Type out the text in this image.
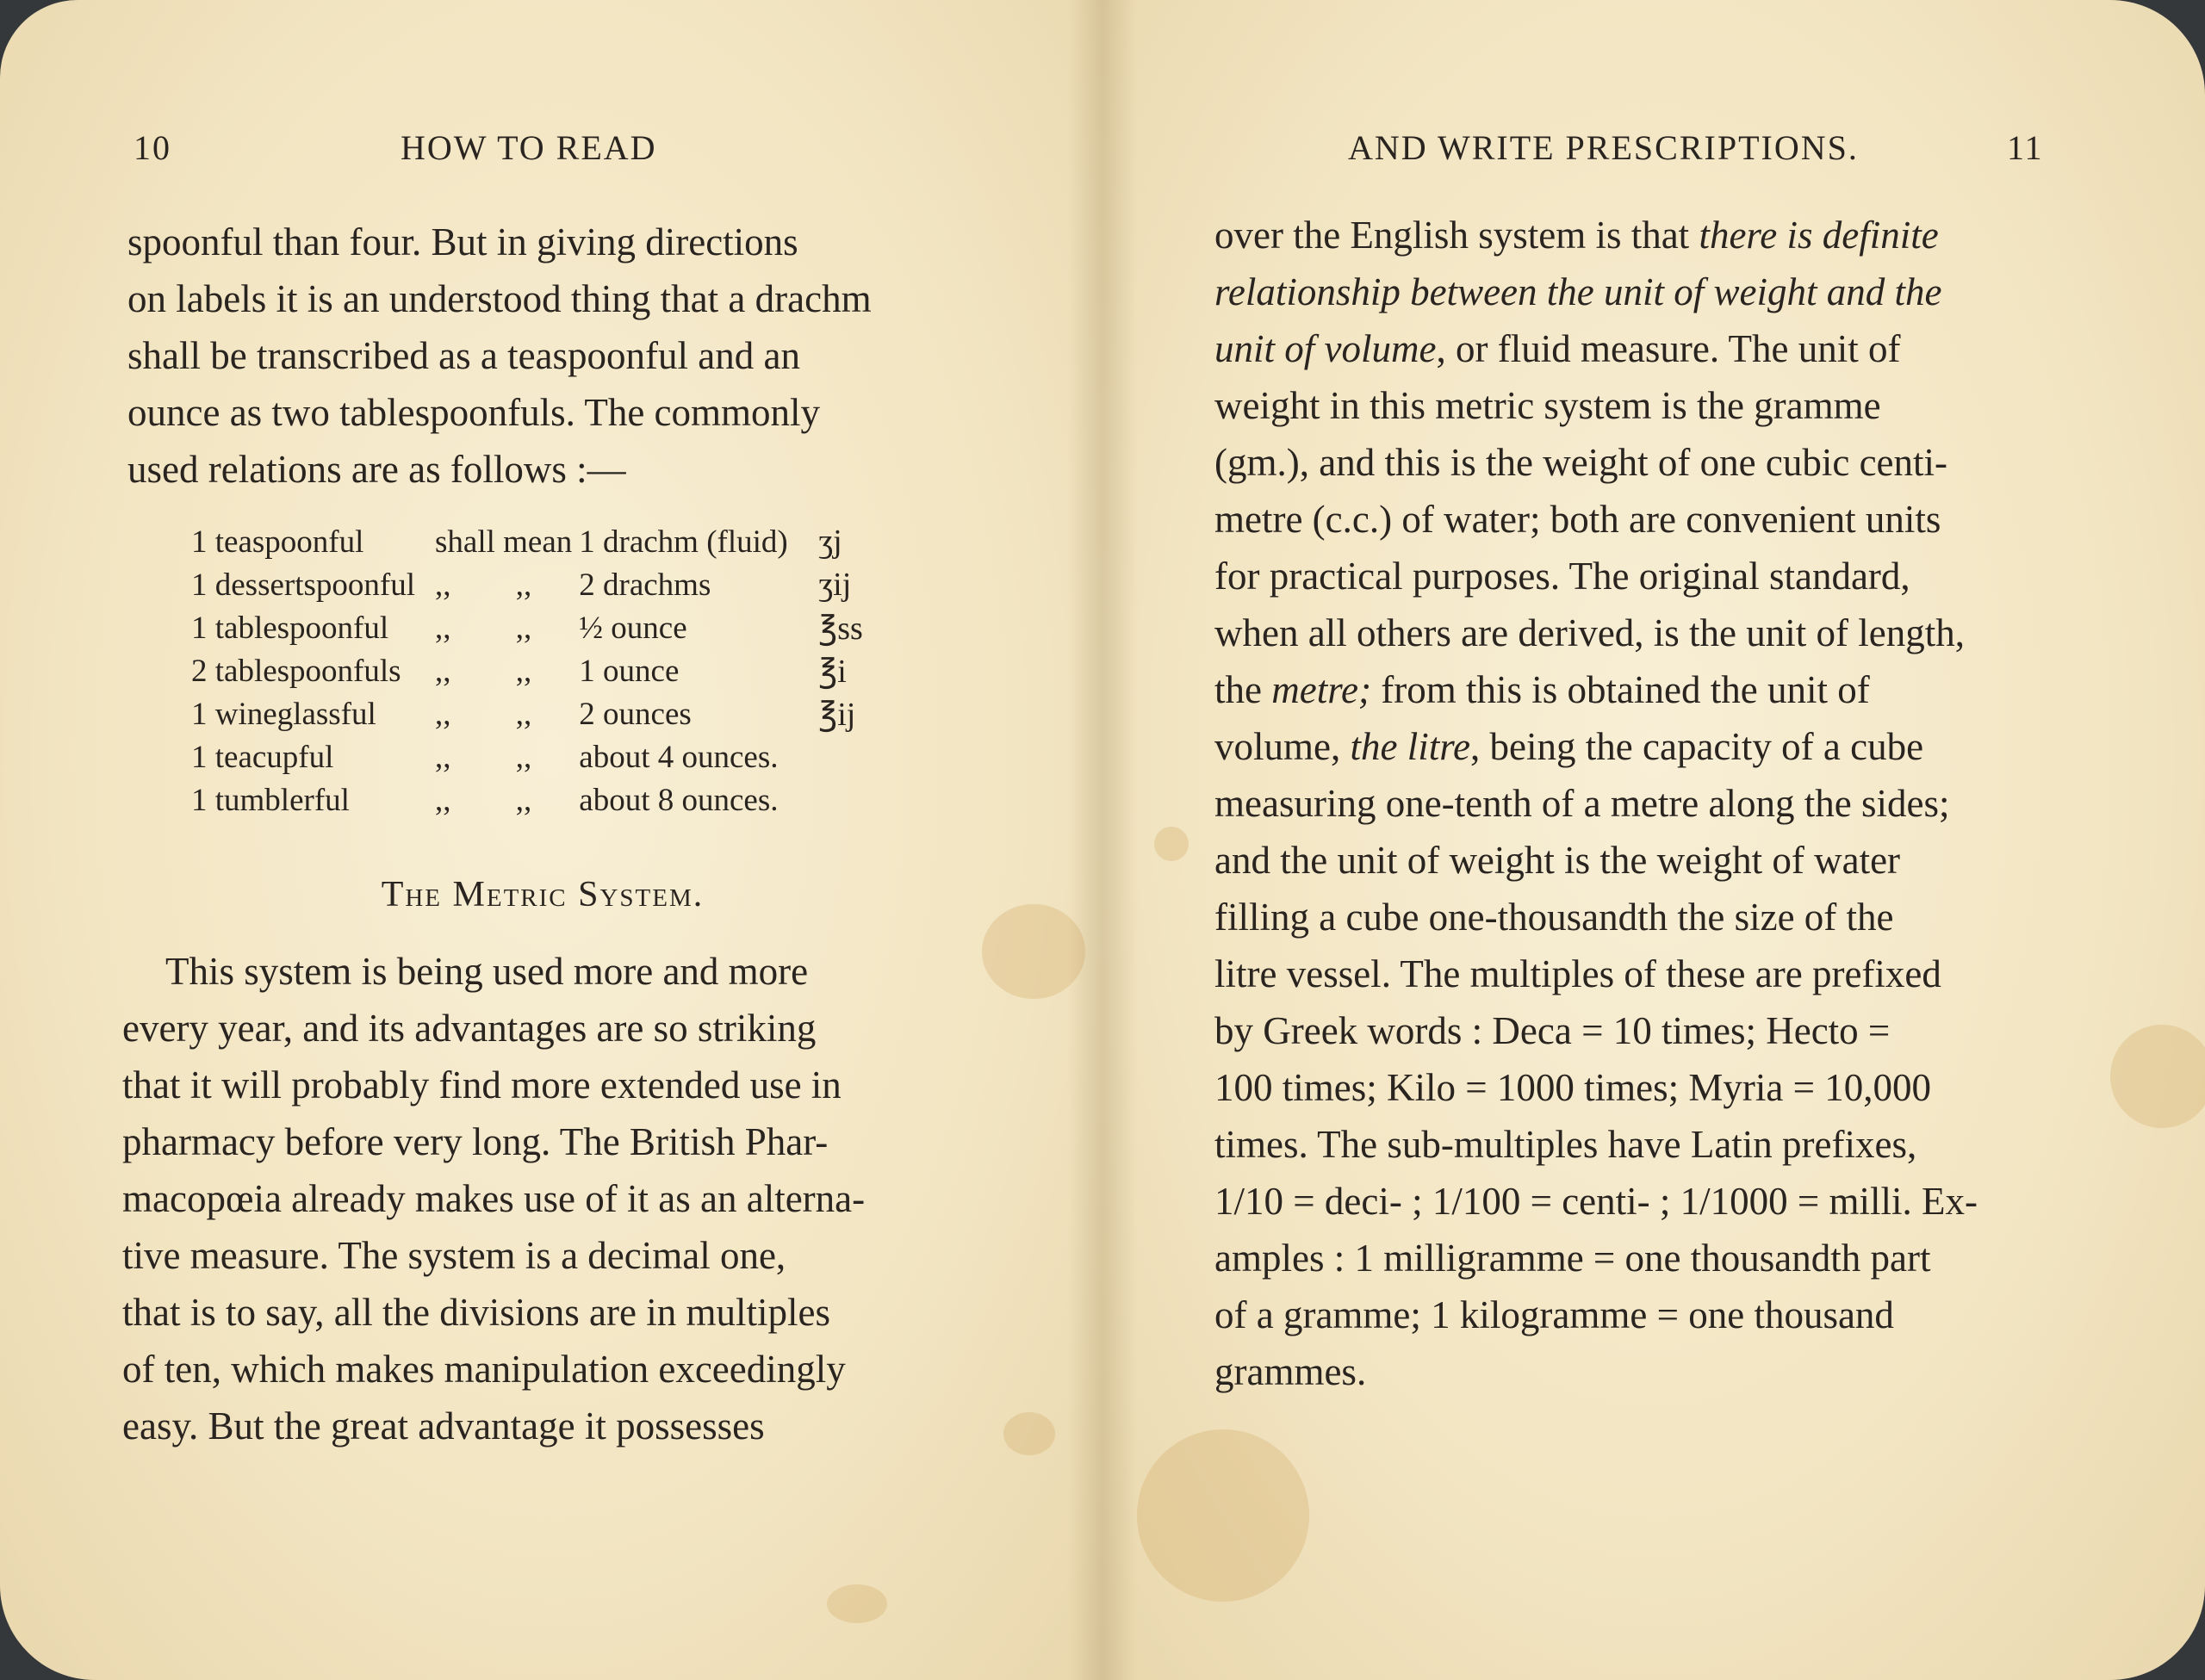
10	HOW TO READ

spoonful than four. But in giving directions

on labels it is an understood thing that a drachm

shall be transcribed as a teaspoonful and an

ounce as two tablespoonfuls. The commonly

used relations are as follows :—

1 teaspoonful	shall mean		1 drachm (fluid)	ʒj
1 dessertspoonful	,,	,,	2 drachms	ʒij
1 tablespoonful	,,	,,	½ ounce	℥ss
2 tablespoonfuls	,,	,,	1 ounce	℥i
1 wineglassful	,,	,,	2 ounces	℥ij
1 teacupful	,,	,,	about 4 ounces.	
1 tumblerful	,,	,,	about 8 ounces.	
The Metric System.

This system is being used more and more

every year, and its advantages are so striking

that it will probably find more extended use in

pharmacy before very long. The British Phar-

macopœia already makes use of it as an alterna-

tive measure. The system is a decimal one,

that is to say, all the divisions are in multiples

of ten, which makes manipulation exceedingly

easy. But the great advantage it possesses

AND WRITE PRESCRIPTIONS.	11

over the English system is that there is definite

relationship between the unit of weight and the

unit of volume, or fluid measure. The unit of

weight in this metric system is the gramme

(gm.), and this is the weight of one cubic centi-

metre (c.c.) of water; both are convenient units

for practical purposes. The original standard,

when all others are derived, is the unit of length,

the metre; from this is obtained the unit of

volume, the litre, being the capacity of a cube

measuring one-tenth of a metre along the sides;

and the unit of weight is the weight of water

filling a cube one-thousandth the size of the

litre vessel. The multiples of these are prefixed

by Greek words : Deca = 10 times; Hecto =

100 times; Kilo = 1000 times; Myria = 10,000

times. The sub-multiples have Latin prefixes,

1/10 = deci- ; 1/100 = centi- ; 1/1000 = milli. Ex-

amples : 1 milligramme = one thousandth part

of a gramme; 1 kilogramme = one thousand

grammes.
